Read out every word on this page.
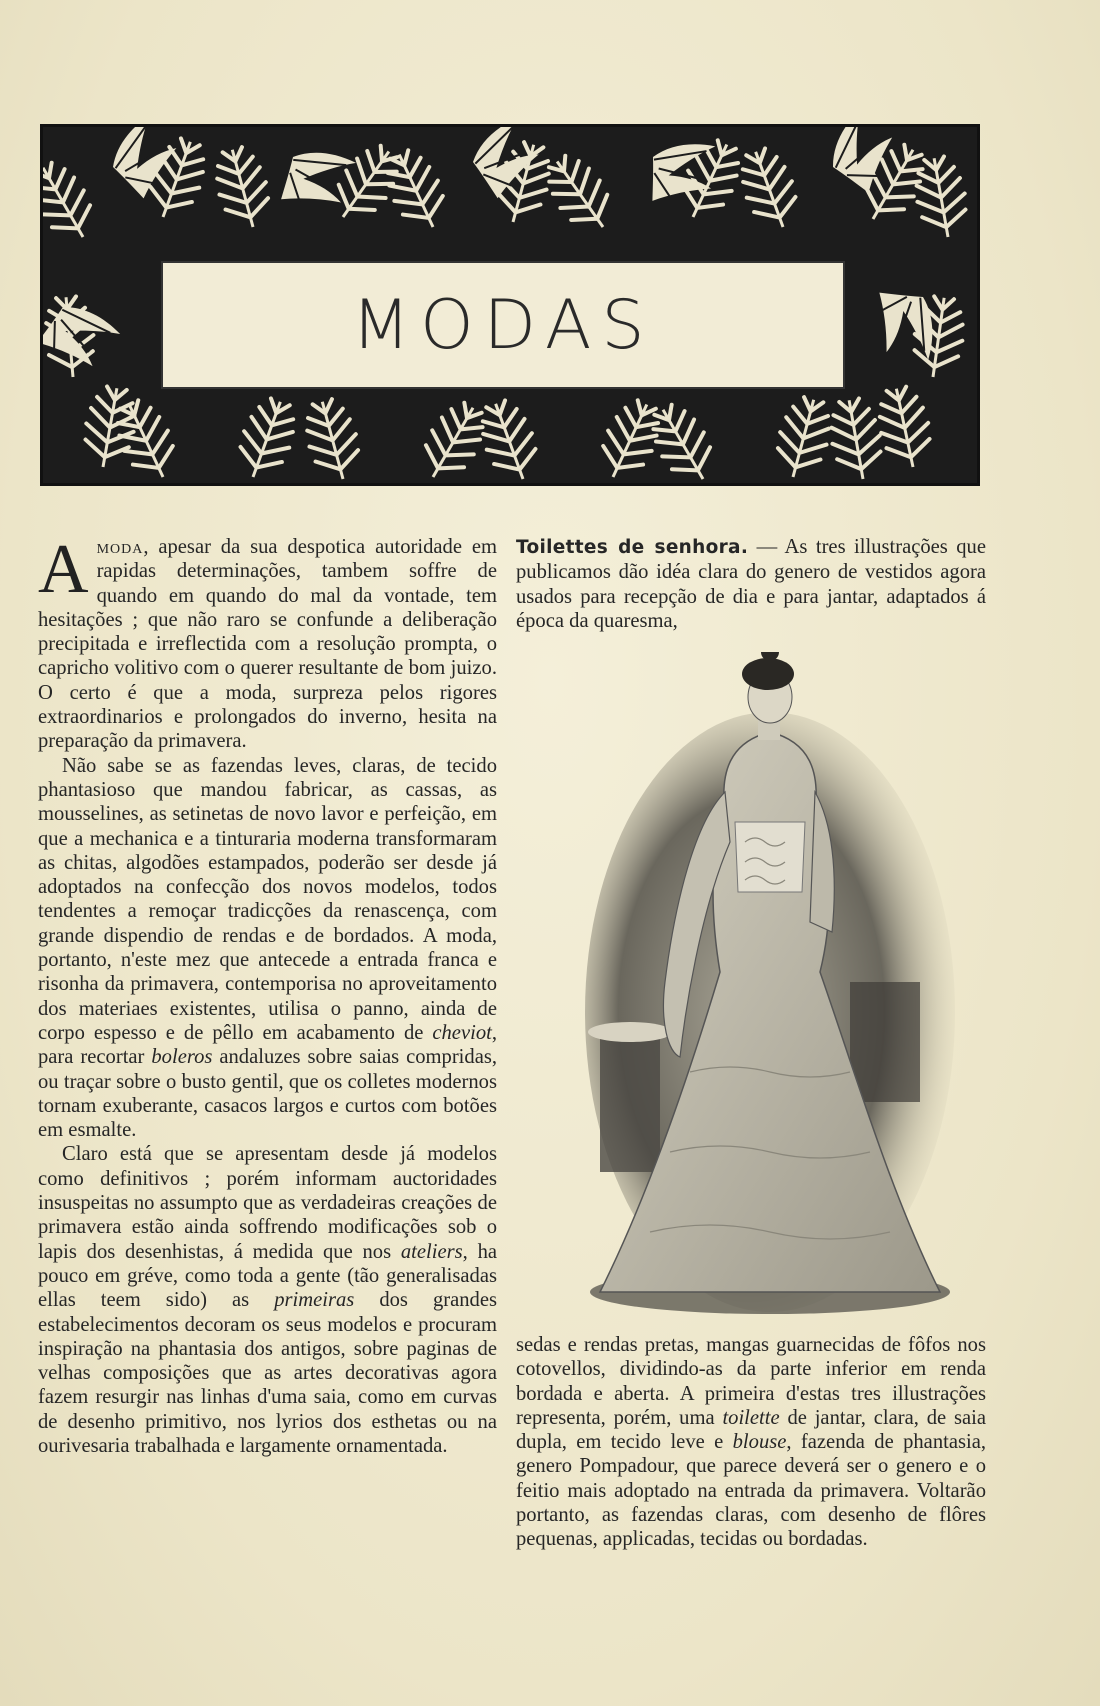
MODAS

Amoda, apesar da sua despotica autoridade em rapidas determinações, tambem soffre de quando em quando do mal da vontade, tem hesitações ; que não raro se confunde a deliberação precipitada e irreflectida com a resolução prompta, o capricho volitivo com o querer resultante de bom juizo. O certo é que a moda, surpreza pelos rigores extraordinarios e prolongados do inverno, hesita na preparação da primavera.

Não sabe se as fazendas leves, claras, de tecido phantasioso que mandou fabricar, as cassas, as mousselines, as setinetas de novo lavor e perfeição, em que a mechanica e a tinturaria moderna transformaram as chitas, algodões estampados, poderão ser desde já adoptados na confecção dos novos modelos, todos tendentes a remoçar tradicções da renascença, com grande dispendio de rendas e de bordados. A moda, portanto, n'este mez que antecede a entrada franca e risonha da primavera, contemporisa no aproveitamento dos materiaes existentes, utilisa o panno, ainda de corpo espesso e de pêllo em acabamento de cheviot, para recortar boleros andaluzes sobre saias compridas, ou traçar sobre o busto gentil, que os colletes modernos tornam exuberante, casacos largos e curtos com botões em esmalte.

Claro está que se apresentam desde já modelos como definitivos ; porém informam auctoridades insuspeitas no assumpto que as verdadeiras creações de primavera estão ainda soffrendo modificações sob o lapis dos desenhistas, á medida que nos ateliers, ha pouco em gréve, como toda a gente (tão generalisadas ellas teem sido) as primeiras dos grandes estabelecimentos decoram os seus modelos e procuram inspiração na phantasia dos antigos, sobre paginas de velhas composições que as artes decorativas agora fazem resurgir nas linhas d'uma saia, como em curvas de desenho primitivo, nos lyrios dos esthetas ou na ourivesaria trabalhada e largamente ornamentada.

Toilettes de senhora. — As tres illustrações que publicamos dão idéa clara do genero de vestidos agora usados para recepção de dia e para jantar, adaptados á época da quaresma,

sedas e rendas pretas, mangas guarnecidas de fôfos nos cotovellos, dividindo-as da parte inferior em renda bordada e aberta. A primeira d'estas tres illustrações representa, porém, uma toilette de jantar, clara, de saia dupla, em tecido leve e blouse, fazenda de phantasia, genero Pompadour, que parece deverá ser o genero e o feitio mais adoptado na entrada da primavera. Voltarão portanto, as fazendas claras, com desenho de flôres pequenas, applicadas, tecidas ou bordadas.
